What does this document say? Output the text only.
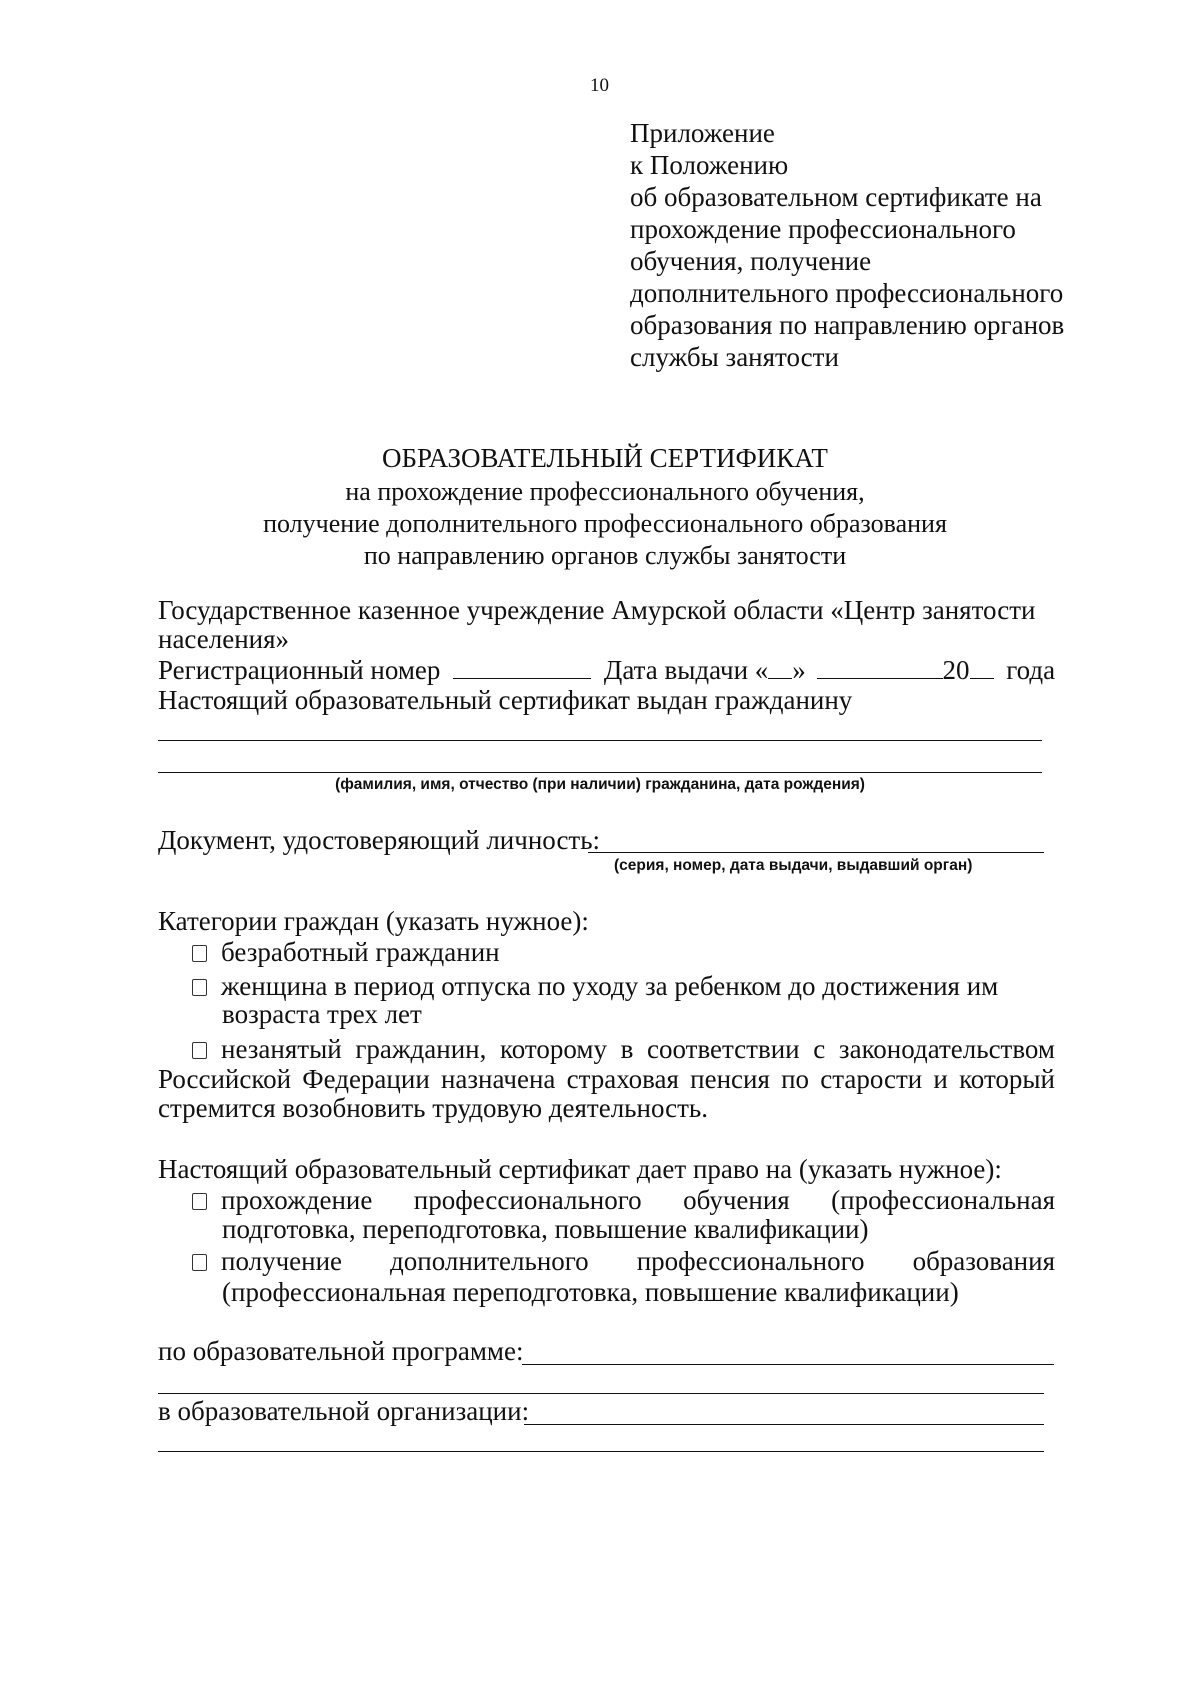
10
Приложение
к Положению
об образовательном сертификате на
прохождение профессионального
обучения, получение
дополнительного профессионального
образования по направлению органов
службы занятости
ОБРАЗОВАТЕЛЬНЫЙ СЕРТИФИКАТ
на прохождение профессионального обучения,
получение дополнительного профессионального образования
по направлению органов службы занятости
Государственное казенное учреждение Амурской области «Центр занятости
населения»
Регистрационный номер	Дата выдачи « »	20 года
Настоящий образовательный сертификат выдан гражданину
(фамилия, имя, отчество (при наличии) гражданина, дата рождения)
Документ, удостоверяющий личность:
(серия, номер, дата выдачи, выдавший орган)
Категории граждан (указать нужное):
безработный гражданин
женщина в период отпуска по уходу за ребенком до достижения им
возраста трех лет
незанятый гражданин, которому в соответствии с законодательством
Российской Федерации назначена страховая пенсия по старости и который
стремится возобновить трудовую деятельность.
Настоящий образовательный сертификат дает право на (указать нужное):
прохождение профессионального обучения (профессиональная
подготовка, переподготовка, повышение квалификации)
получение дополнительного профессионального образования
(профессиональная переподготовка, повышение квалификации)
по образовательной программе:
в образовательной организации:
